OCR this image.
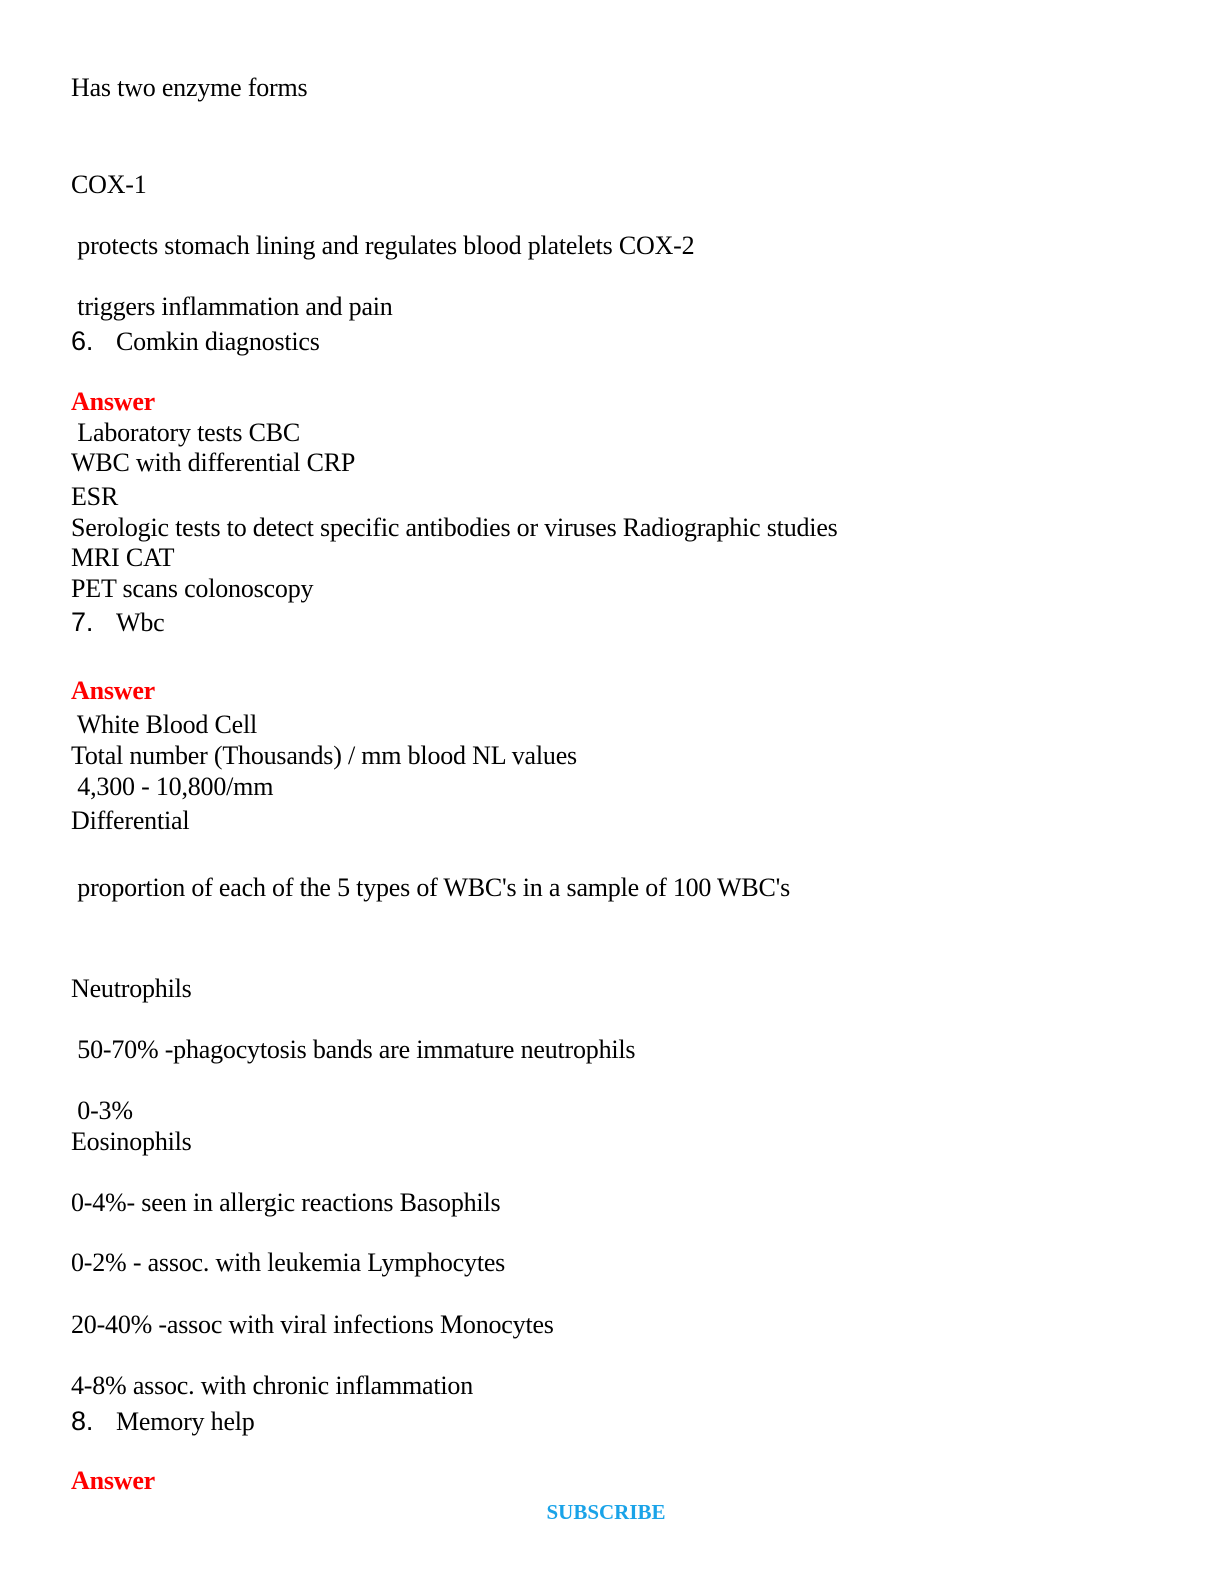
Has two enzyme forms
COX-1
protects stomach lining and regulates blood platelets COX-2
triggers inflammation and pain
6. Comkin diagnostics
Answer
Laboratory tests CBC
WBC with differential CRP
ESR
Serologic tests to detect specific antibodies or viruses Radiographic studies
MRI CAT
PET scans colonoscopy
7. Wbc
Answer
White Blood Cell
Total number (Thousands) / mm blood NL values
4,300 - 10,800/mm
Differential
proportion of each of the 5 types of WBC's in a sample of 100 WBC's
Neutrophils
50-70% -phagocytosis bands are immature neutrophils
0-3%
Eosinophils
0-4%- seen in allergic reactions Basophils
0-2% - assoc. with leukemia Lymphocytes
20-40% -assoc with viral infections Monocytes
4-8% assoc. with chronic inflammation
8. Memory help
Answer
SUBSCRIBE
